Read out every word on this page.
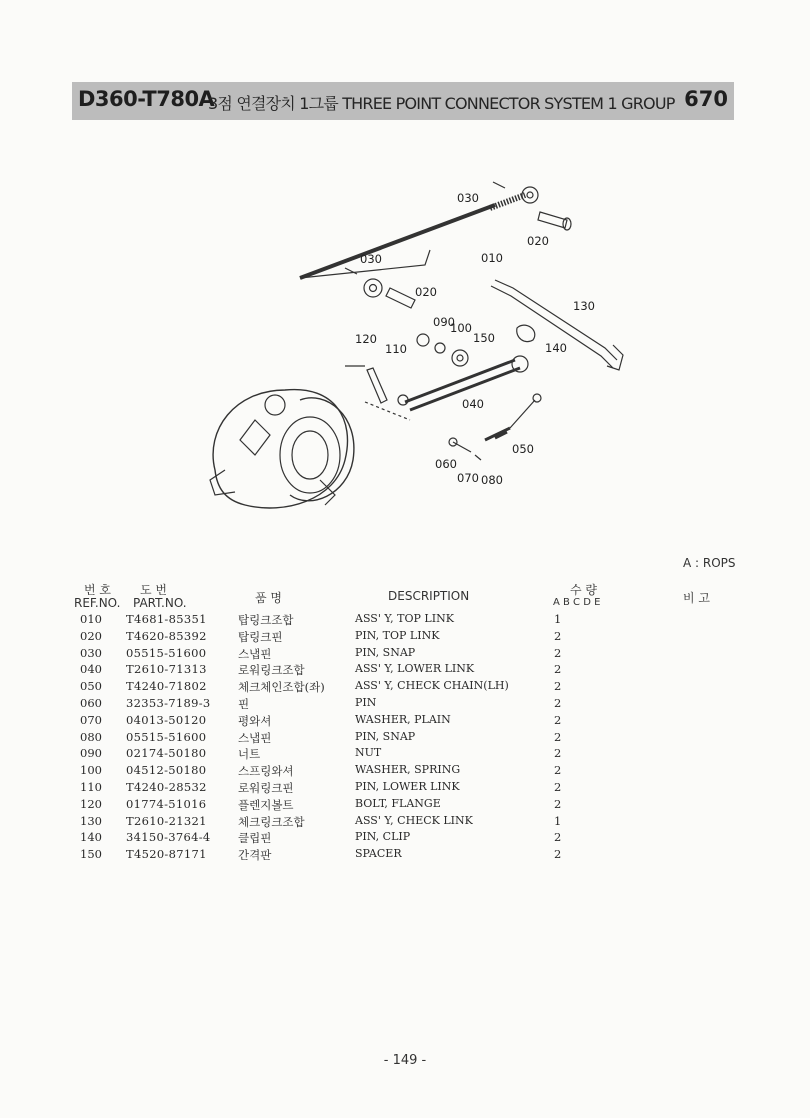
D360-T780A
3점 연결장치 1그룹 THREE POINT CONNECTOR SYSTEM 1 GROUP 670
030
010
020
030
020
130
090
100
150
120
110	140
040
050
060
070 080
A : ROPS
번 호
REF.NO.
도 번
PART.NO.	품 명	DESCRIPTION	수 량
A B C D E	비 고
010 T4681-85351	탑링크조합	ASS' Y, TOP LINK	1
020 T4620-85392	탑링크핀	PIN, TOP LINK	2
030 05515-51600	스냅핀	PIN, SNAP	2
040 T2610-71313	로워링크조합	ASS' Y, LOWER LINK	2
050 T4240-71802	체크체인조합(좌)	ASS' Y, CHECK CHAIN(LH)	2
060 32353-7189-3 핀	PIN	2
070 04013-50120	평와셔	WASHER, PLAIN	2
080 05515-51600	스냅핀	PIN, SNAP	2
090 02174-50180	너트	NUT	2
100 04512-50180	스프링와셔	WASHER, SPRING	2
110 T4240-28532	로워링크핀	PIN, LOWER LINK	2
120 01774-51016	플렌지볼트	BOLT, FLANGE	2
130 T2610-21321	체크링크조합	ASS' Y, CHECK LINK	1
140 34150-3764-4 클립핀	PIN, CLIP	2
150 T4520-87171	간격판	SPACER	2
- 149 -
